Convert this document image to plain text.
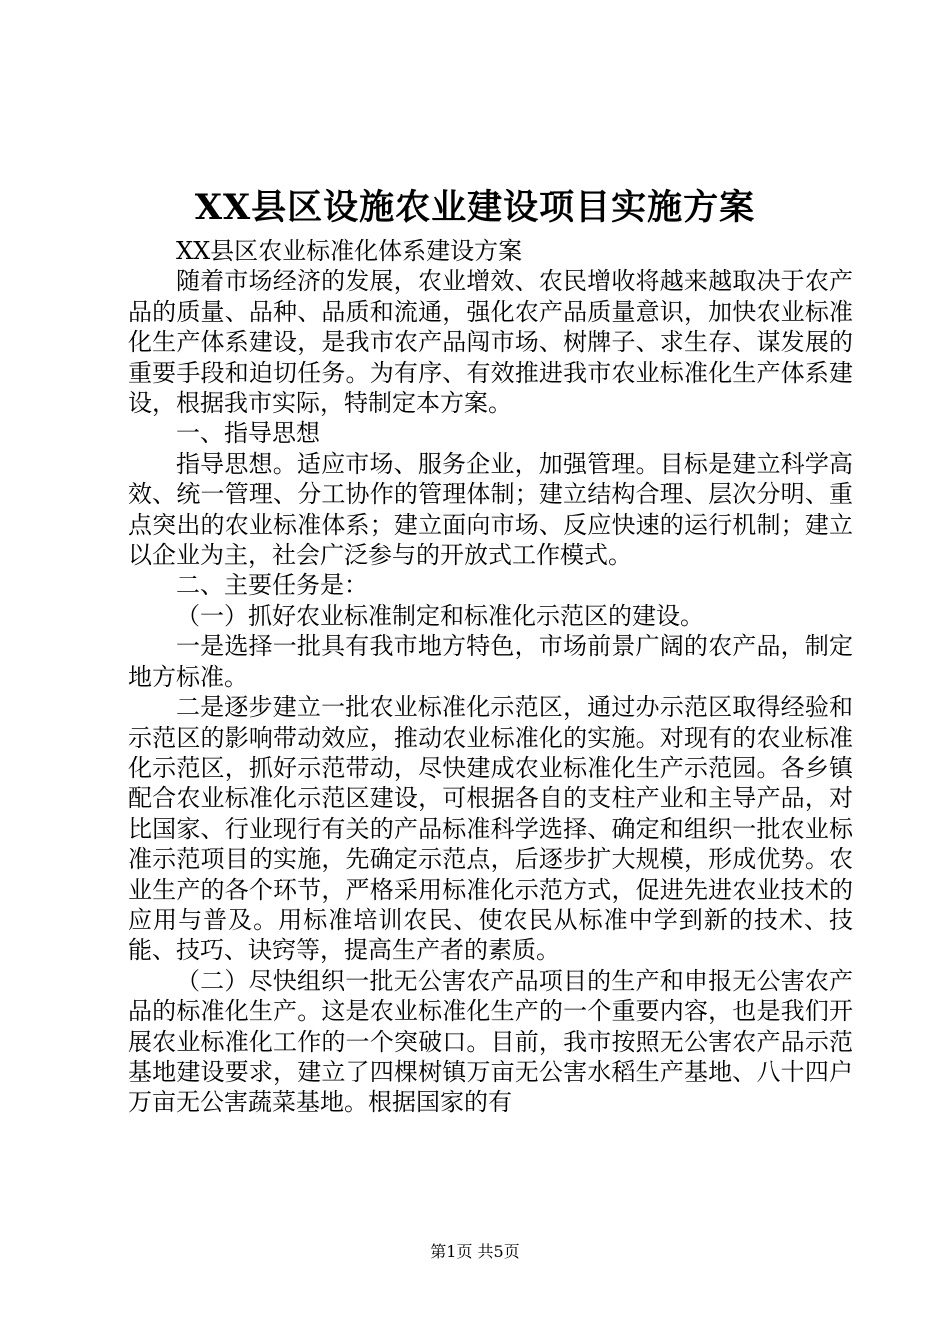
XX县区设施农业建设项目实施方案

XX县区农业标准化体系建设方案

随着市场经济的发展，农业增效、农民增收将越来越取决于农产品的质量、品种、品质和流通，强化农产品质量意识，加快农业标准化生产体系建设，是我市农产品闯市场、树牌子、求生存、谋发展的重要手段和迫切任务。为有序、有效推进我市农业标准化生产体系建设，根据我市实际，特制定本方案。

一、指导思想

指导思想。适应市场、服务企业，加强管理。目标是建立科学高效、统一管理、分工协作的管理体制；建立结构合理、层次分明、重点突出的农业标准体系；建立面向市场、反应快速的运行机制；建立以企业为主，社会广泛参与的开放式工作模式。

二、主要任务是：

（一）抓好农业标准制定和标准化示范区的建设。

一是选择一批具有我市地方特色，市场前景广阔的农产品，制定地方标准。

二是逐步建立一批农业标准化示范区，通过办示范区取得经验和示范区的影响带动效应，推动农业标准化的实施。对现有的农业标准化示范区，抓好示范带动，尽快建成农业标准化生产示范园。各乡镇配合农业标准化示范区建设，可根据各自的支柱产业和主导产品，对比国家、行业现行有关的产品标准科学选择、确定和组织一批农业标准示范项目的实施，先确定示范点，后逐步扩大规模，形成优势。农业生产的各个环节，严格采用标准化示范方式，促进先进农业技术的应用与普及。用标准培训农民、使农民从标准中学到新的技术、技能、技巧、诀窍等，提高生产者的素质。

（二）尽快组织一批无公害农产品项目的生产和申报无公害农产品的标准化生产。这是农业标准化生产的一个重要内容，也是我们开展农业标准化工作的一个突破口。目前，我市按照无公害农产品示范基地建设要求，建立了四棵树镇万亩无公害水稻生产基地、八十四户万亩无公害蔬菜基地。根据国家的有

第1页 共5页
